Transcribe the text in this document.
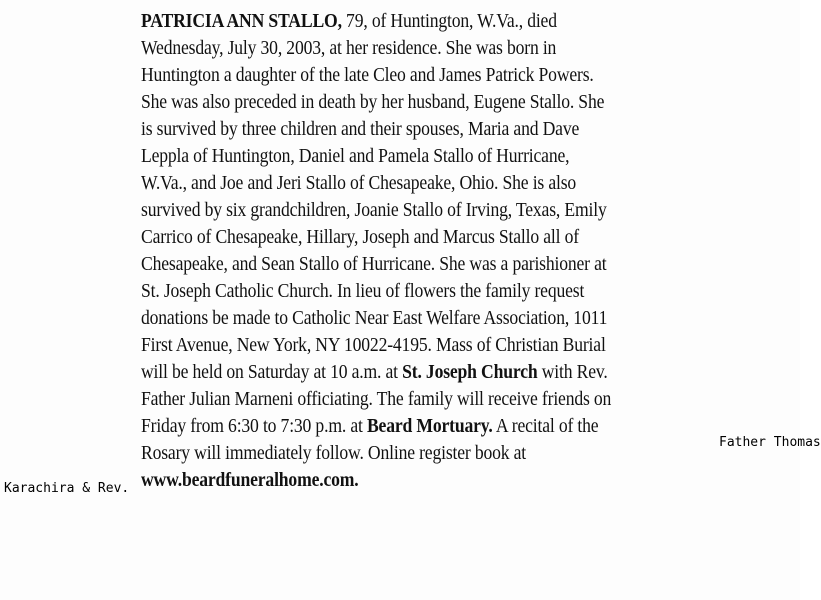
PATRICIA ANN STALLO, 79, of Huntington, W.Va., died
Wednesday, July 30, 2003, at her residence. She was born in
Huntington a daughter of the late Cleo and James Patrick Powers.
She was also preceded in death by her husband, Eugene Stallo. She
is survived by three children and their spouses, Maria and Dave
Leppla of Huntington, Daniel and Pamela Stallo of Hurricane,
W.Va., and Joe and Jeri Stallo of Chesapeake, Ohio. She is also
survived by six grandchildren, Joanie Stallo of Irving, Texas, Emily
Carrico of Chesapeake, Hillary, Joseph and Marcus Stallo all of
Chesapeake, and Sean Stallo of Hurricane. She was a parishioner at
St. Joseph Catholic Church. In lieu of flowers the family request
donations be made to Catholic Near East Welfare Association, 1011
First Avenue, New York, NY 10022-4195. Mass of Christian Burial
will be held on Saturday at 10 a.m. at St. Joseph Church with Rev.
Father Julian Marneni officiating. The family will receive friends on
Friday from 6:30 to 7:30 p.m. at Beard Mortuary. A recital of the
Rosary will immediately follow. Online register book at
www.beardfuneralhome.com.
Father Thomas
Karachira & Rev.
